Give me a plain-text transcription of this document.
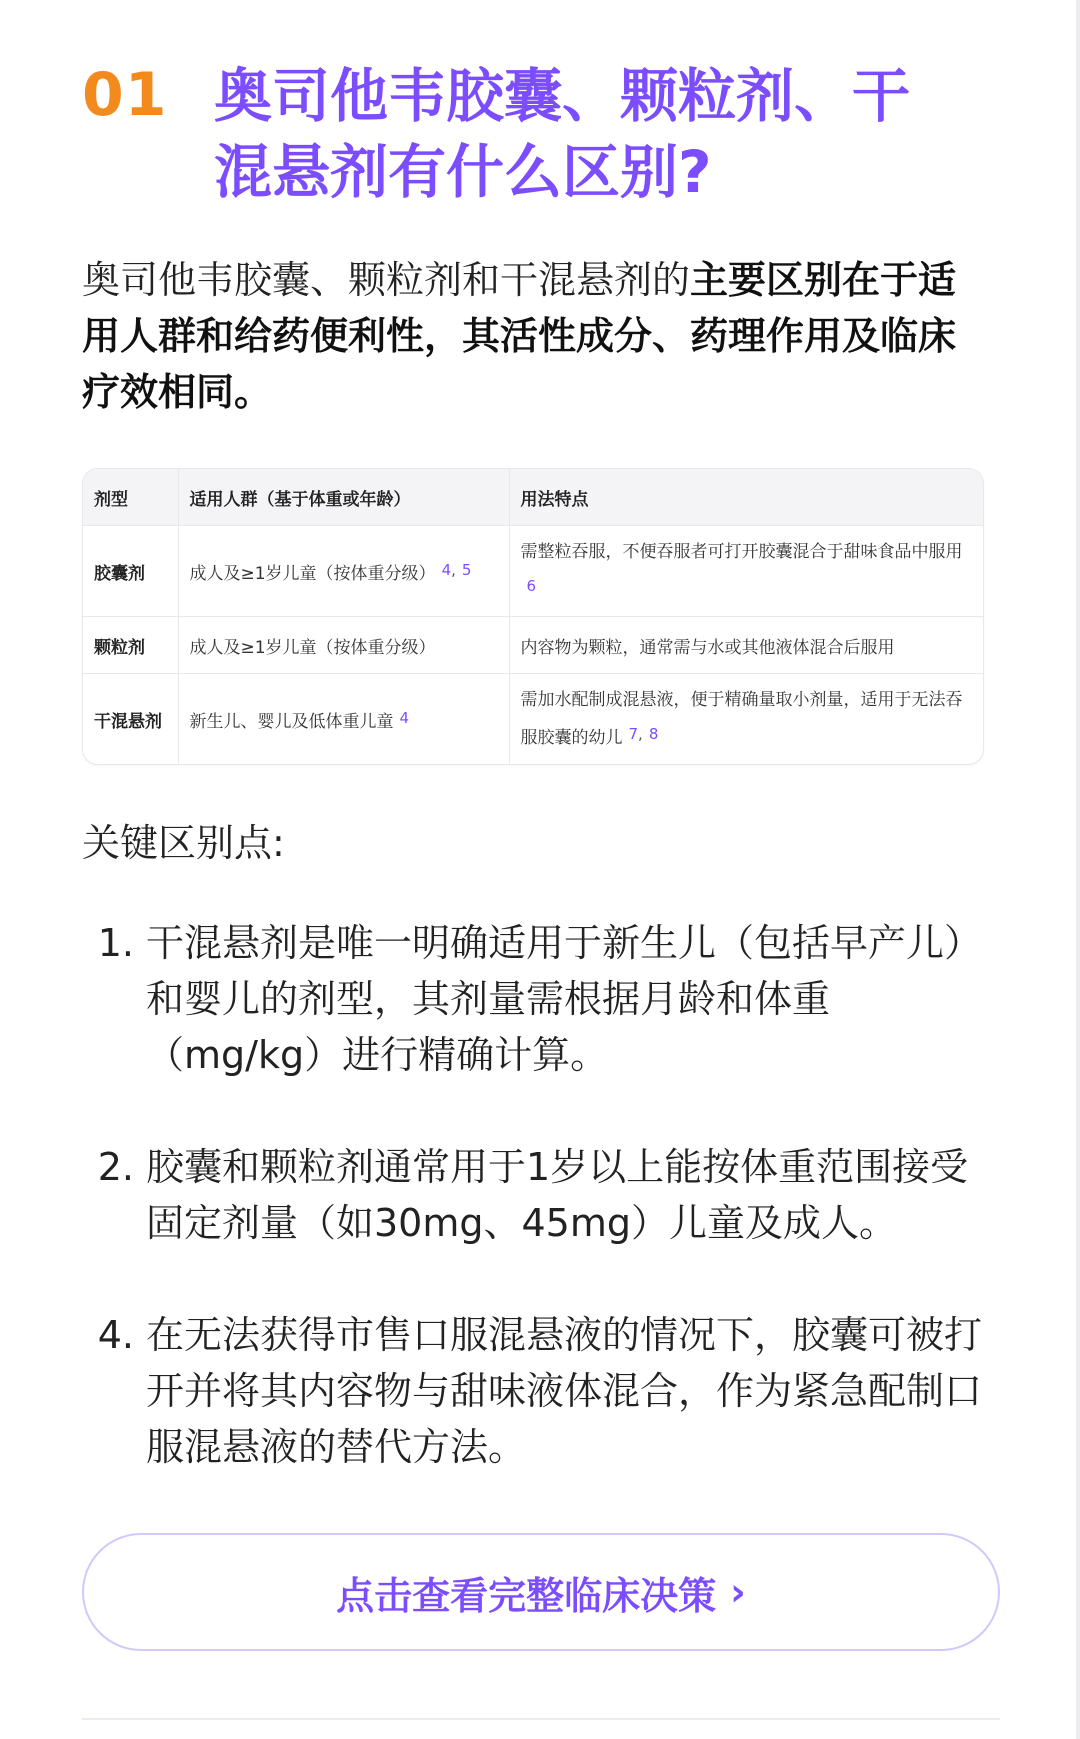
01 奥司他韦胶囊、颗粒剂、干混悬剂有什么区别?
奥司他韦胶囊、颗粒剂和干混悬剂的主要区别在于适用人群和给药便利性，其活性成分、药理作用及临床疗效相同。
剂型	适用人群（基于体重或年龄）	用法特点
胶囊剂	成人及≥1岁儿童（按体重分级） 4, 5	需整粒吞服，不便吞服者可打开胶囊混合于甜味食品中服用6

颗粒剂	成人及≥1岁儿童（按体重分级）	内容物为颗粒，通常需与水或其他液体混合后服用
干混悬剂	新生儿、婴儿及低体重儿童 4	需加水配制成混悬液，便于精确量取小剂量，适用于无法吞服胶囊的幼儿 7, 8
关键区别点:
1. 干混悬剂是唯一明确适用于新生儿（包括早产儿）和婴儿的剂型，其剂量需根据月龄和体重（mg/kg）进行精确计算。
2. 胶囊和颗粒剂通常用于1岁以上能按体重范围接受固定剂量（如30mg、45mg）儿童及成人。
4. 在无法获得市售口服混悬液的情况下，胶囊可被打开并将其内容物与甜味液体混合，作为紧急配制口服混悬液的替代方法。
点击查看完整临床决策 ›
